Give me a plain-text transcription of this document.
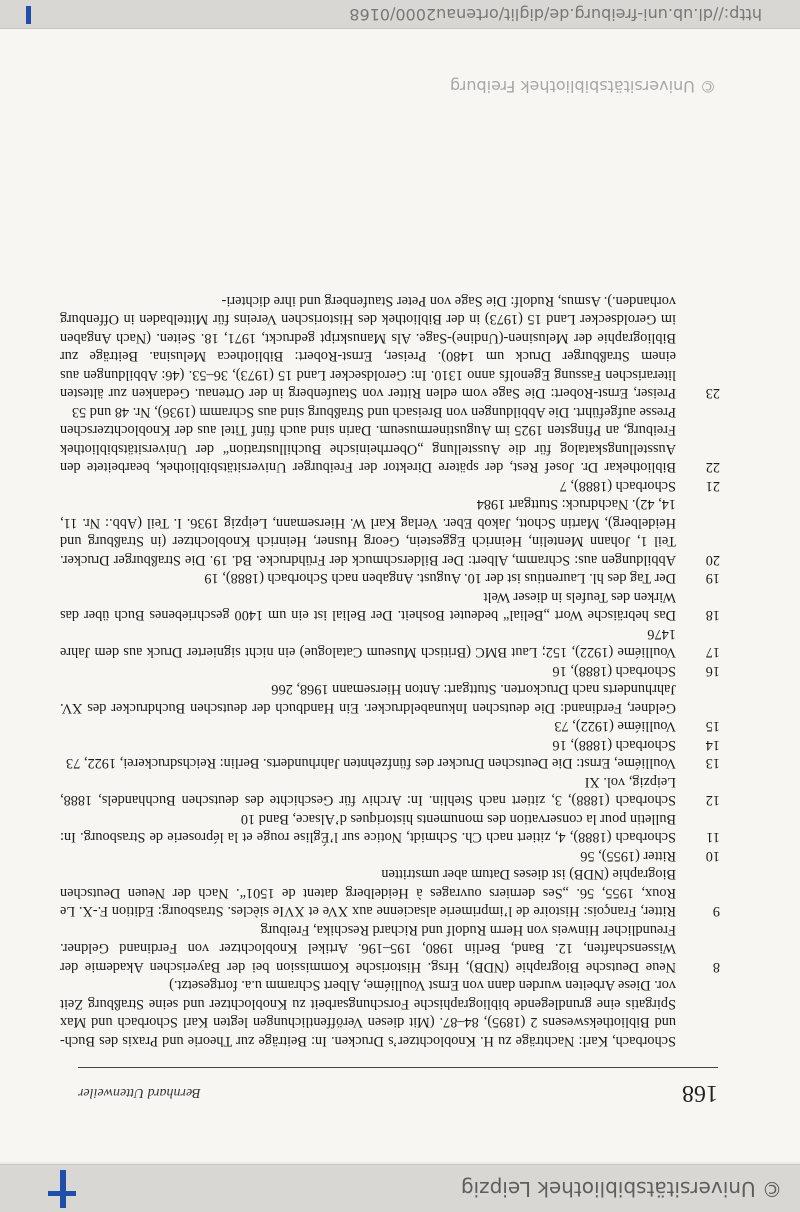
© Universitätsbibliothek Leipzig
168
Bernhard Uttenweiler
Schorbach, Karl: Nachträge zu H. Knoblochtzer’s Drucken. In: Beiträge zur Theorie und Praxis des Buch- und Bibliothekswesens 2 (1895), 84–87. (Mit diesen Veröffentlichungen legten Karl Schorbach und Max Spirgatis eine grundlegende bibliographische Forschungsarbeit zu Knoblochtzer und seine Straßburg Zeit vor. Diese Arbeiten wurden dann von Ernst Voulliéme, Albert Schramm u.a. fortgesetzt.)
8
Neue Deutsche Biographie (NDB), Hrsg. Historische Kommission bei der Bayerischen Akademie der Wissenschaften, 12. Band, Berlin 1980, 195–196. Artikel Knoblochtzer von Ferdinand Geldner. Freundlicher Hinweis von Herrn Rudolf und Richard Reschika, Freiburg
9
Ritter, François: Histoire de l’imprimerie alsacienne aux XVe et XVIe siècles. Strasbourg: Edition F.-X. Le Roux, 1955, 56. „Ses derniers ouvrages à Heidelberg datent de 1501“. Nach der Neuen Deutschen Biographie (NDB) ist dieses Datum aber umstritten
10
Ritter (1955), 56
11
Schorbach (1888), 4, zitiert nach Ch. Schmidt, Notice sur l’Église rouge et la léproserie de Strasbourg. In: Bulletin pour la conservation des monuments historiques d’Alsace, Band 10
12
Schorbach (1888), 3, zitiert nach Stehlin. In: Archiv für Geschichte des deutschen Buchhandels, 1888, Leipzig, vol. XI
13
Voulliéme, Ernst: Die Deutschen Drucker des fünfzehnten Jahrhunderts. Berlin: Reichsdruckerei, 1922, 73
14
Schorbach (1888), 16
15
Voulliéme (1922), 73
Geldner, Ferdinand: Die deutschen Inkunabeldrucker. Ein Handbuch der deutschen Buchdrucker des XV. Jahrhunderts nach Druckorten. Stuttgart: Anton Hiersemann 1968, 266
16
Schorbach (1888), 16
17
Voulliéme (1922), 152; Laut BMC (Britisch Museum Catalogue) ein nicht signierter Druck aus dem Jahre 1476
18
Das hebräische Wort „Belial“ bedeutet Bosheit. Der Belial ist ein um 1400 geschriebenes Buch über das Wirken des Teufels in dieser Welt
19
Der Tag des hl. Laurentius ist der 10. August. Angaben nach Schorbach (1888), 19
20
Abbildungen aus: Schramm, Albert: Der Bilderschmuck der Frühdrucke. Bd. 19. Die Straßburger Drucker. Teil 1, Johann Mentelin, Heinrich Eggestein, Georg Husner, Heinrich Knoblochtzer (in Straßburg und Heidelberg), Martin Schott, Jakob Eber. Verlag Karl W. Hiersemann, Leipzig 1936. I. Teil (Abb.: Nr. 11, 14, 42). Nachdruck: Stuttgart 1984
21
Schorbach (1888), 7
22
Bibliothekar Dr. Josef Rest, der spätere Direktor der Freiburger Universitätsbibliothek, bearbeitete den Ausstellungskatalog für die Ausstellung „Oberrheinische Buchillustration“ der Universitätsbibliothek Freiburg, an Pfingsten 1925 im Augustinermuseum. Darin sind auch fünf Titel aus der Knoblochtzerschen Presse aufgeführt. Die Abbildungen von Breisach und Straßburg sind aus Schramm (1936), Nr. 48 und 53
23
Preiser, Ernst-Robert: Die Sage vom edlen Ritter von Staufenberg in der Ortenau. Gedanken zur ältesten literarischen Fassung Egenolfs anno 1310. In: Geroldsecker Land 15 (1973), 36–53. (46: Abbildungen aus einem Straßburger Druck um 1480). Preiser, Ernst-Robert: Bibliotheca Melusina. Beiträge zur Bibliographie der Melusinen-(Undine)-Sage. Als Manuskript gedruckt, 1971, 18. Seiten. (Nach Angaben im Geroldsecker Land 15 (1973) in der Bibliothek des Historischen Vereins für Mittelbaden in Offenburg vorhanden.). Asmus, Rudolf: Die Sage von Peter Staufenberg und ihre dichteri-
http://dl.ub.uni-freiburg.de/diglit/ortenau2000/0168
© Universitätsbibliothek Freiburg
